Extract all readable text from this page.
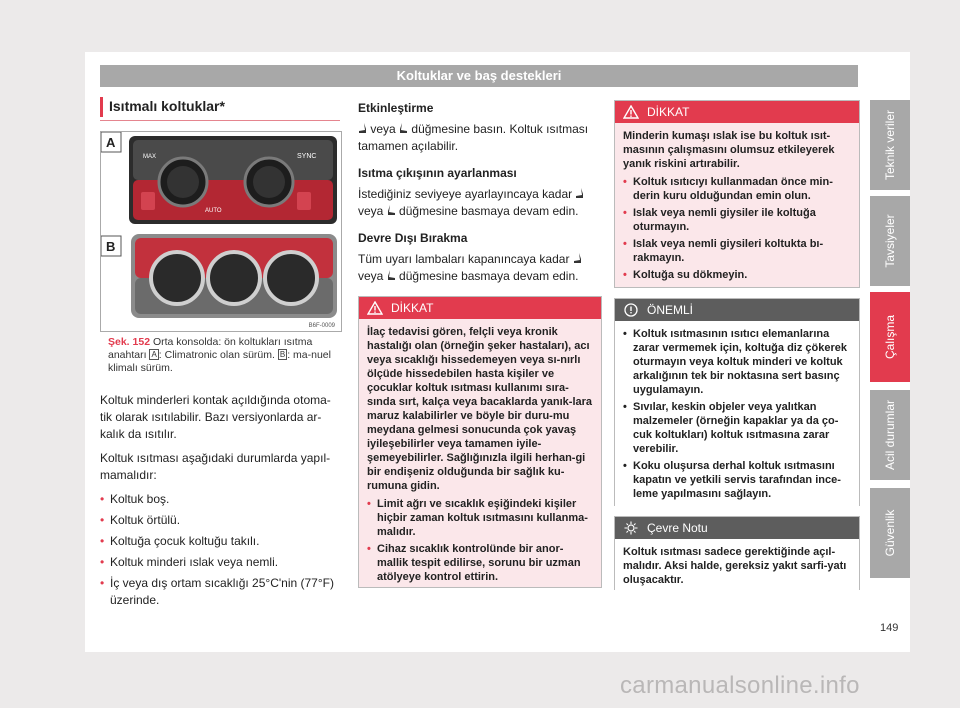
Koltuklar ve baş destekleri
Isıtmalı koltuklar*
MAX	SYNC
AUTO
A
B
B6F-0009
Şek. 152 Orta konsolda: ön koltukları ısıtma anahtarı A : Climatronic olan sürüm. B : ma-nuel klimalı sürüm.

Koltuk minderleri kontak açıldığında otoma-tik olarak ısıtılabilir. Bazı versiyonlarda ar-kalık da ısıtılır.

Koltuk ısıtması aşağıdaki durumlarda yapıl-mamalıdır:

• Koltuk boş.
• Koltuk örtülü.
• Koltuğa çocuk koltuğu takılı.
• Koltuk minderi ıslak veya nemli.
• İç veya dış ortam sıcaklığı 25°C'nin (77°F) üzerinde.
Etkinleştirme

veya düğmesine basın. Koltuk ısıtması tamamen açılabilir.

Isıtma çıkışının ayarlanması

İstediğiniz seviyeye ayarlayıncaya kadar  veya düğmesine basmaya devam edin.

Devre Dışı Bırakma

Tüm uyarı lambaları kapanıncaya kadar  veya düğmesine basmaya devam edin.

DİKKAT

İlaç tedavisi gören, felçli veya kronik hastalığı olan (örneğin şeker hastaları), acı veya sıcaklığı hissedemeyen veya sı-nırlı ölçüde hissedebilen hasta kişiler ve çocuklar koltuk ısıtması kullanımı sıra-sında sırt, kalça veya bacaklarda yanık-lara maruz kalabilirler ve böyle bir duru-mu meydana gelmesi sonucunda çok yavaş iyileşebilirler veya tamamen iyile-şemeyebilirler. Sağlığınızla ilgili herhan-gi bir endişeniz olduğunda bir sağlık ku-rumuna gidin.

• Limit ağrı ve sıcaklık eşiğindeki kişiler hiçbir zaman koltuk ısıtmasını kullanma-malıdır.
• Cihaz sıcaklık kontrolünde bir anor-mallik tespit edilirse, sorunu bir uzman atölyeye kontrol ettirin.
DİKKAT

Minderin kumaşı ıslak ise bu koltuk ısıt-masının çalışmasını olumsuz etkileyerek yanık riskini artırabilir.

• Koltuk ısıtıcıyı kullanmadan önce min-derin kuru olduğundan emin olun.
• Islak veya nemli giysiler ile koltuğa oturmayın.
• Islak veya nemli giysileri koltukta bı-rakmayın.
• Koltuğa su dökmeyin.
ÖNEMLİ
• Koltuk ısıtmasının ısıtıcı elemanlarına zarar vermemek için, koltuğa diz çökerek oturmayın veya koltuk minderi ve koltuk arkalığının tek bir noktasına sert basınç uygulamayın.
• Sıvılar, keskin objeler veya yalıtkan malzemeler (örneğin kapaklar ya da ço-cuk koltukları) koltuk ısıtmasına zarar verebilir.
• Koku oluşursa derhal koltuk ısıtmasını kapatın ve yetkili servis tarafından ince-leme yapılmasını sağlayın.
Çevre Notu

Koltuk ısıtması sadece gerektiğinde açıl-malıdır. Aksi halde, gereksiz yakıt sarfi-yatı oluşacaktır.

Teknik veriler
Tavsiyeler
Çalışma
Acil durumlar
Güvenlik
149
carmanualsonline.info
